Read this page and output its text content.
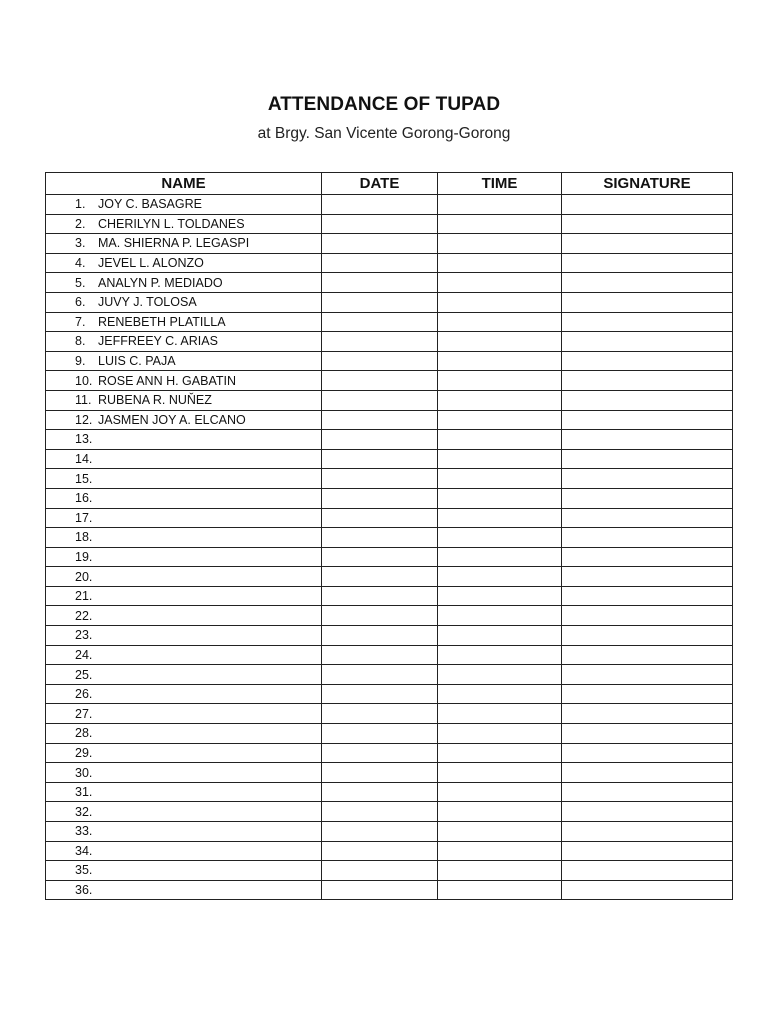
ATTENDANCE OF TUPAD
at Brgy. San Vicente Gorong-Gorong
NAME	DATE	TIME	SIGNATURE
1. JOY C. BASAGRE			
2. CHERILYN L. TOLDANES			
3. MA. SHIERNA P. LEGASPI			
4. JEVEL L. ALONZO			
5. ANALYN P. MEDIADO			
6. JUVY J. TOLOSA			
7. RENEBETH PLATILLA			
8. JEFFREEY C. ARIAS			
9. LUIS C. PAJA			
10. ROSE ANN H. GABATIN			
11. RUBENA R. NUŇEZ			
12. JASMEN JOY A. ELCANO			
13.			
14.			
15.			
16.			
17.			
18.			
19.			
20.			
21.			
22.			
23.			
24.			
25.			
26.			
27.			
28.			
29.			
30.			
31.			
32.			
33.			
34.			
35.			
36.			
